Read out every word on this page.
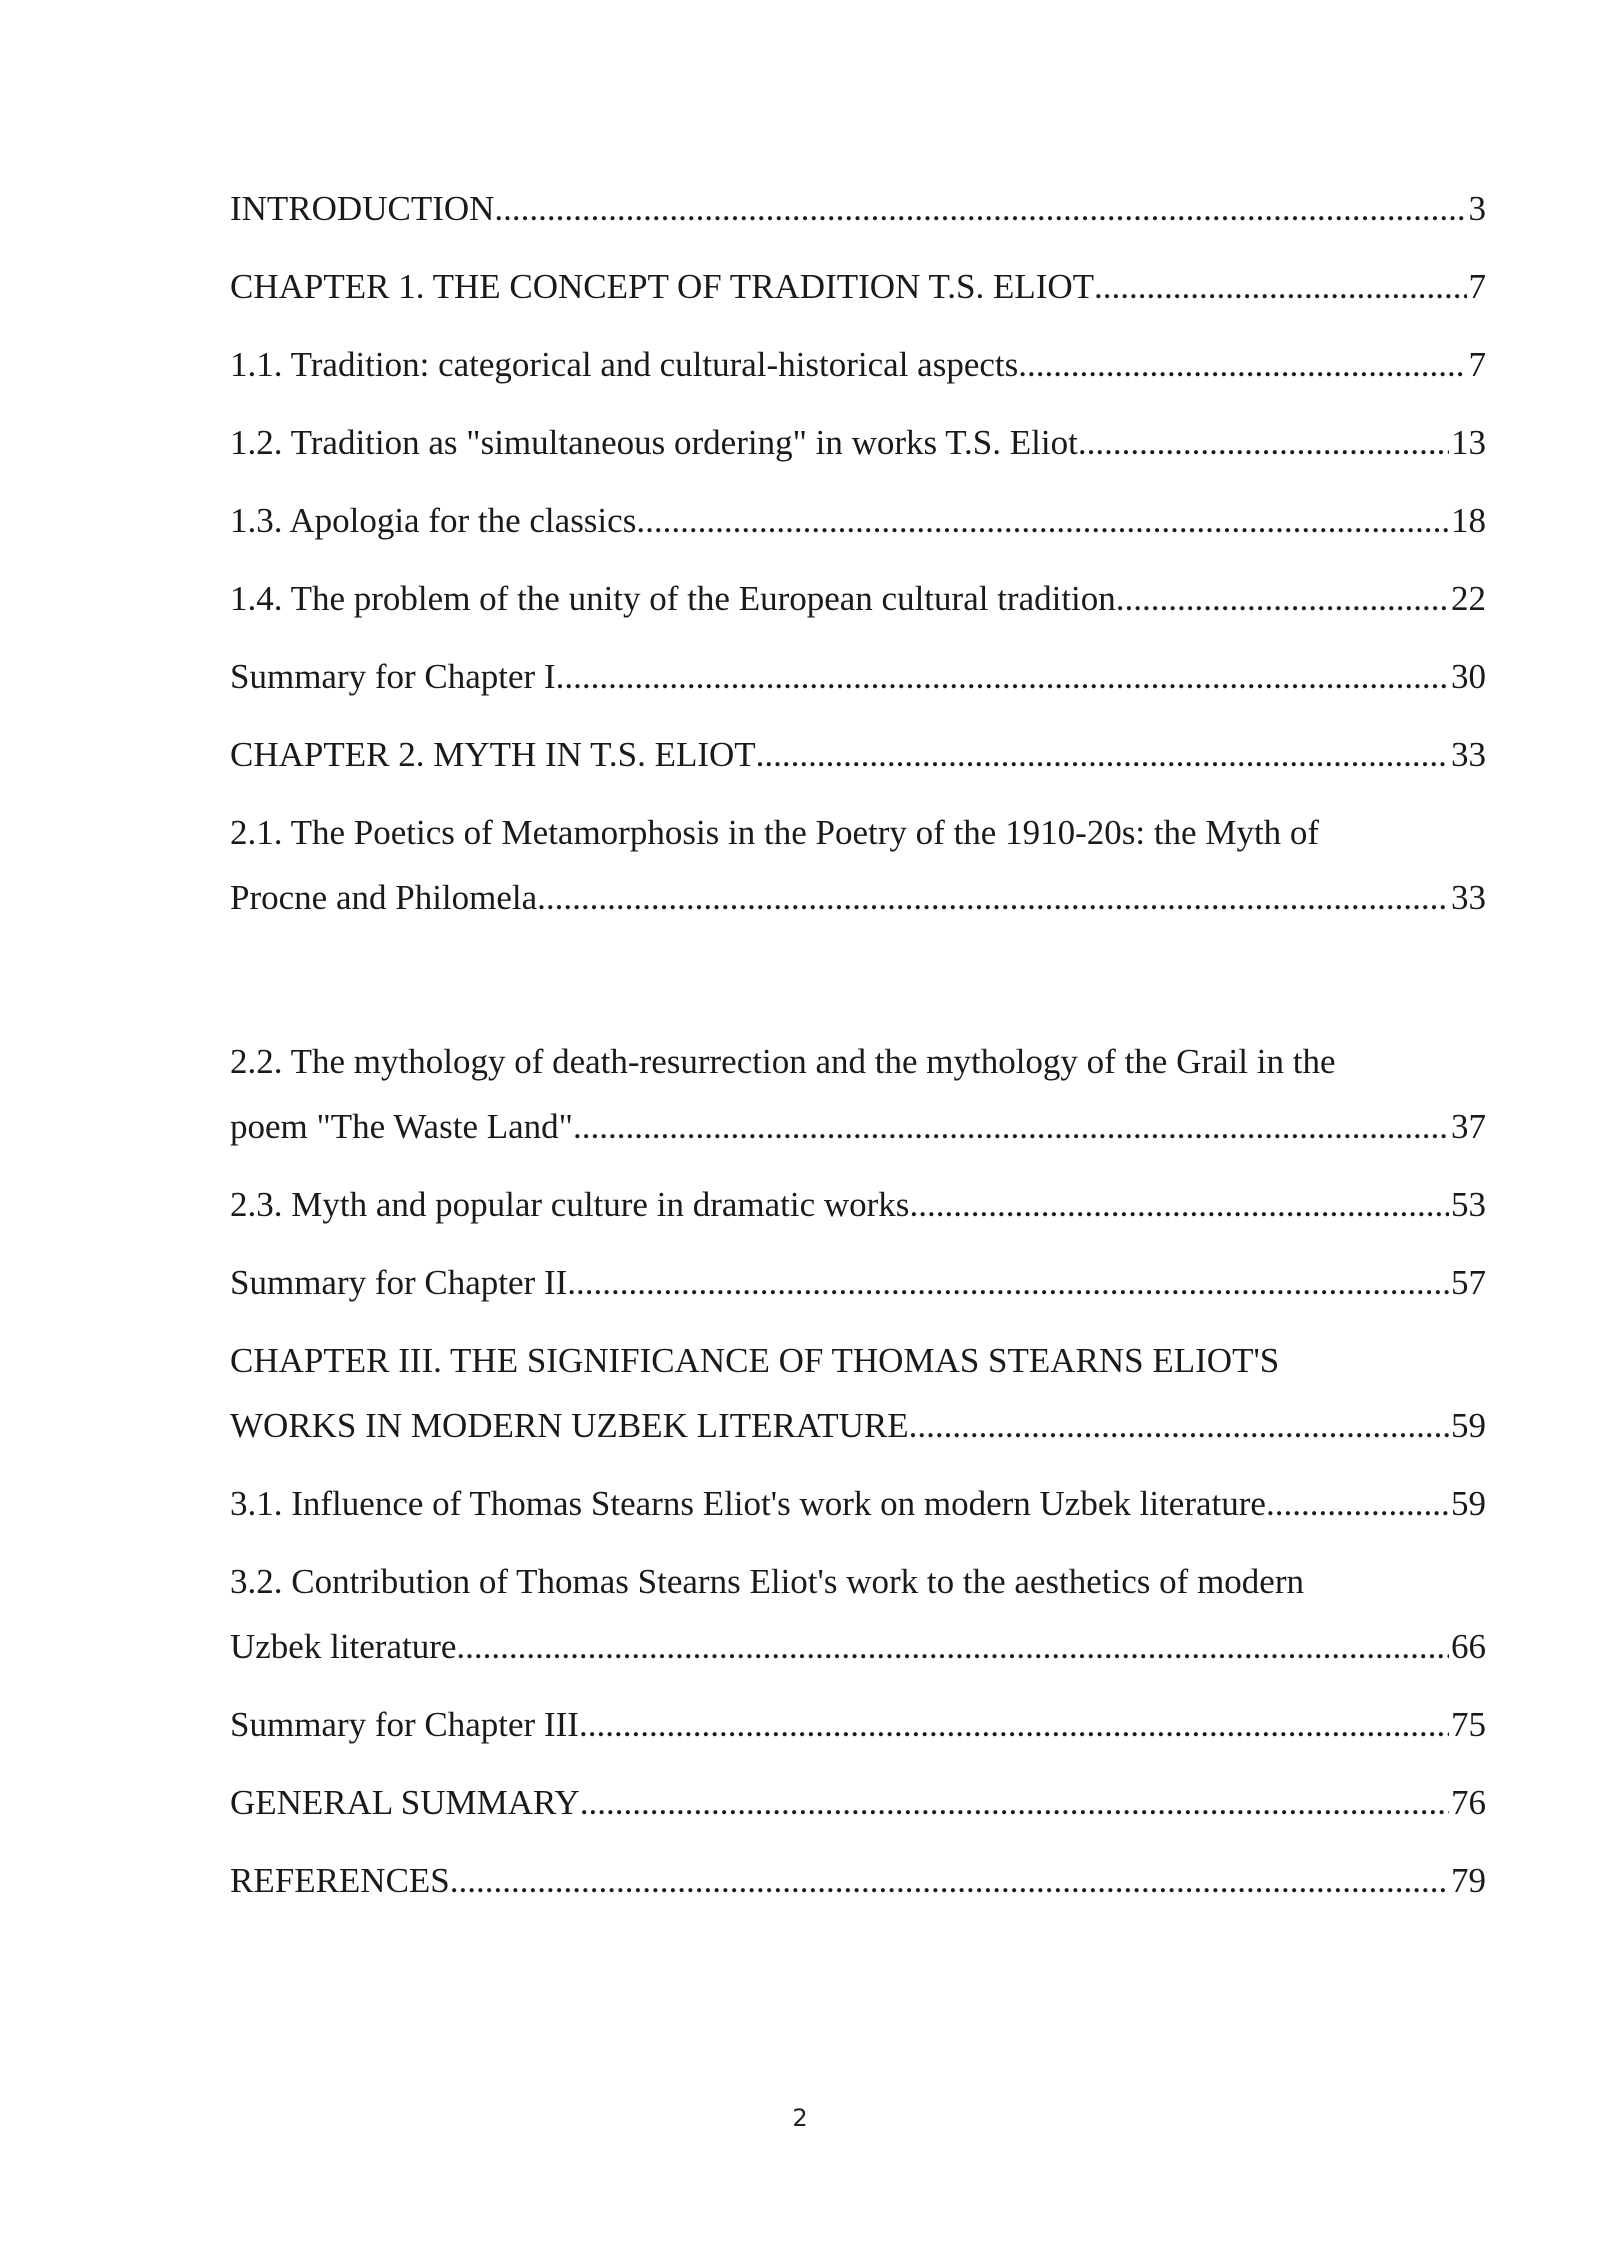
INTRODUCTION .....	3
CHAPTER 1. THE CONCEPT OF TRADITION T.S. ELIOT .....	7
1.1. Tradition: categorical and cultural-historical aspects .....	7
1.2. Tradition as "simultaneous ordering" in works T.S. Eliot .....	13
1.3. Apologia for the classics .....	18
1.4. The problem of the unity of the European cultural tradition .....	22
Summary for Chapter I .....	30
CHAPTER 2. MYTH IN T.S. ELIOT .....	33
2.1. The Poetics of Metamorphosis in the Poetry of the 1910-20s: the Myth of
Procne and Philomela .....	33
2.2. The mythology of death-resurrection and the mythology of the Grail in the
poem "The Waste Land" .....	37
2.3. Myth and popular culture in dramatic works .....	53
Summary for Chapter II .....	57
CHAPTER III. THE SIGNIFICANCE OF THOMAS STEARNS ELIOT'S
WORKS IN MODERN UZBEK LITERATURE .....	59
3.1. Influence of Thomas Stearns Eliot's work on modern Uzbek literature .....	59
3.2. Contribution of Thomas Stearns Eliot's work to the aesthetics of modern
Uzbek literature .....	66
Summary for Chapter III .....	75
GENERAL SUMMARY .....	76
REFERENCES .....	79
2
